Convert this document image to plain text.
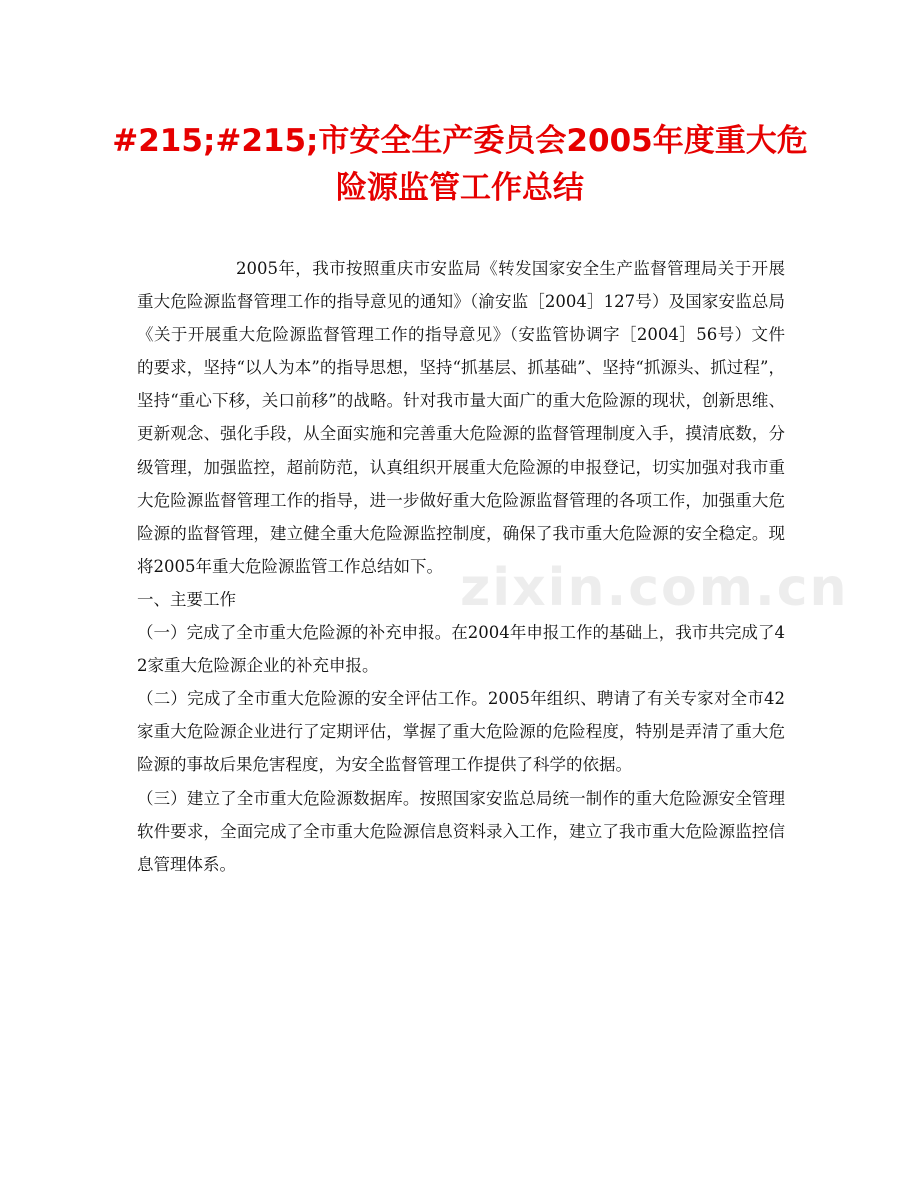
#215;#215;市安全生产委员会2005年度重大危险源监管工作总结

2005年，我市按照重庆市安监局《转发国家安全生产监督管理局关于开展重大危险源监督管理工作的指导意见的通知》（渝安监［2004］127号）及国家安监总局《关于开展重大危险源监督管理工作的指导意见》（安监管协调字［2004］56号）文件的要求，坚持“以人为本”的指导思想，坚持“抓基层、抓基础”、坚持“抓源头、抓过程”，坚持“重心下移，关口前移”的战略。针对我市量大面广的重大危险源的现状，创新思维、更新观念、强化手段，从全面实施和完善重大危险源的监督管理制度入手，摸清底数，分级管理，加强监控，超前防范，认真组织开展重大危险源的申报登记，切实加强对我市重大危险源监督管理工作的指导，进一步做好重大危险源监督管理的各项工作，加强重大危险源的监督管理，建立健全重大危险源监控制度，确保了我市重大危险源的安全稳定。现将2005年重大危险源监管工作总结如下。

一、主要工作

（一）完成了全市重大危险源的补充申报。在2004年申报工作的基础上，我市共完成了42家重大危险源企业的补充申报。

（二）完成了全市重大危险源的安全评估工作。2005年组织、聘请了有关专家对全市42家重大危险源企业进行了定期评估，掌握了重大危险源的危险程度，特别是弄清了重大危险源的事故后果危害程度，为安全监督管理工作提供了科学的依据。

（三）建立了全市重大危险源数据库。按照国家安监总局统一制作的重大危险源安全管理软件要求，全面完成了全市重大危险源信息资料录入工作，建立了我市重大危险源监控信息管理体系。

zixin.com.cn
